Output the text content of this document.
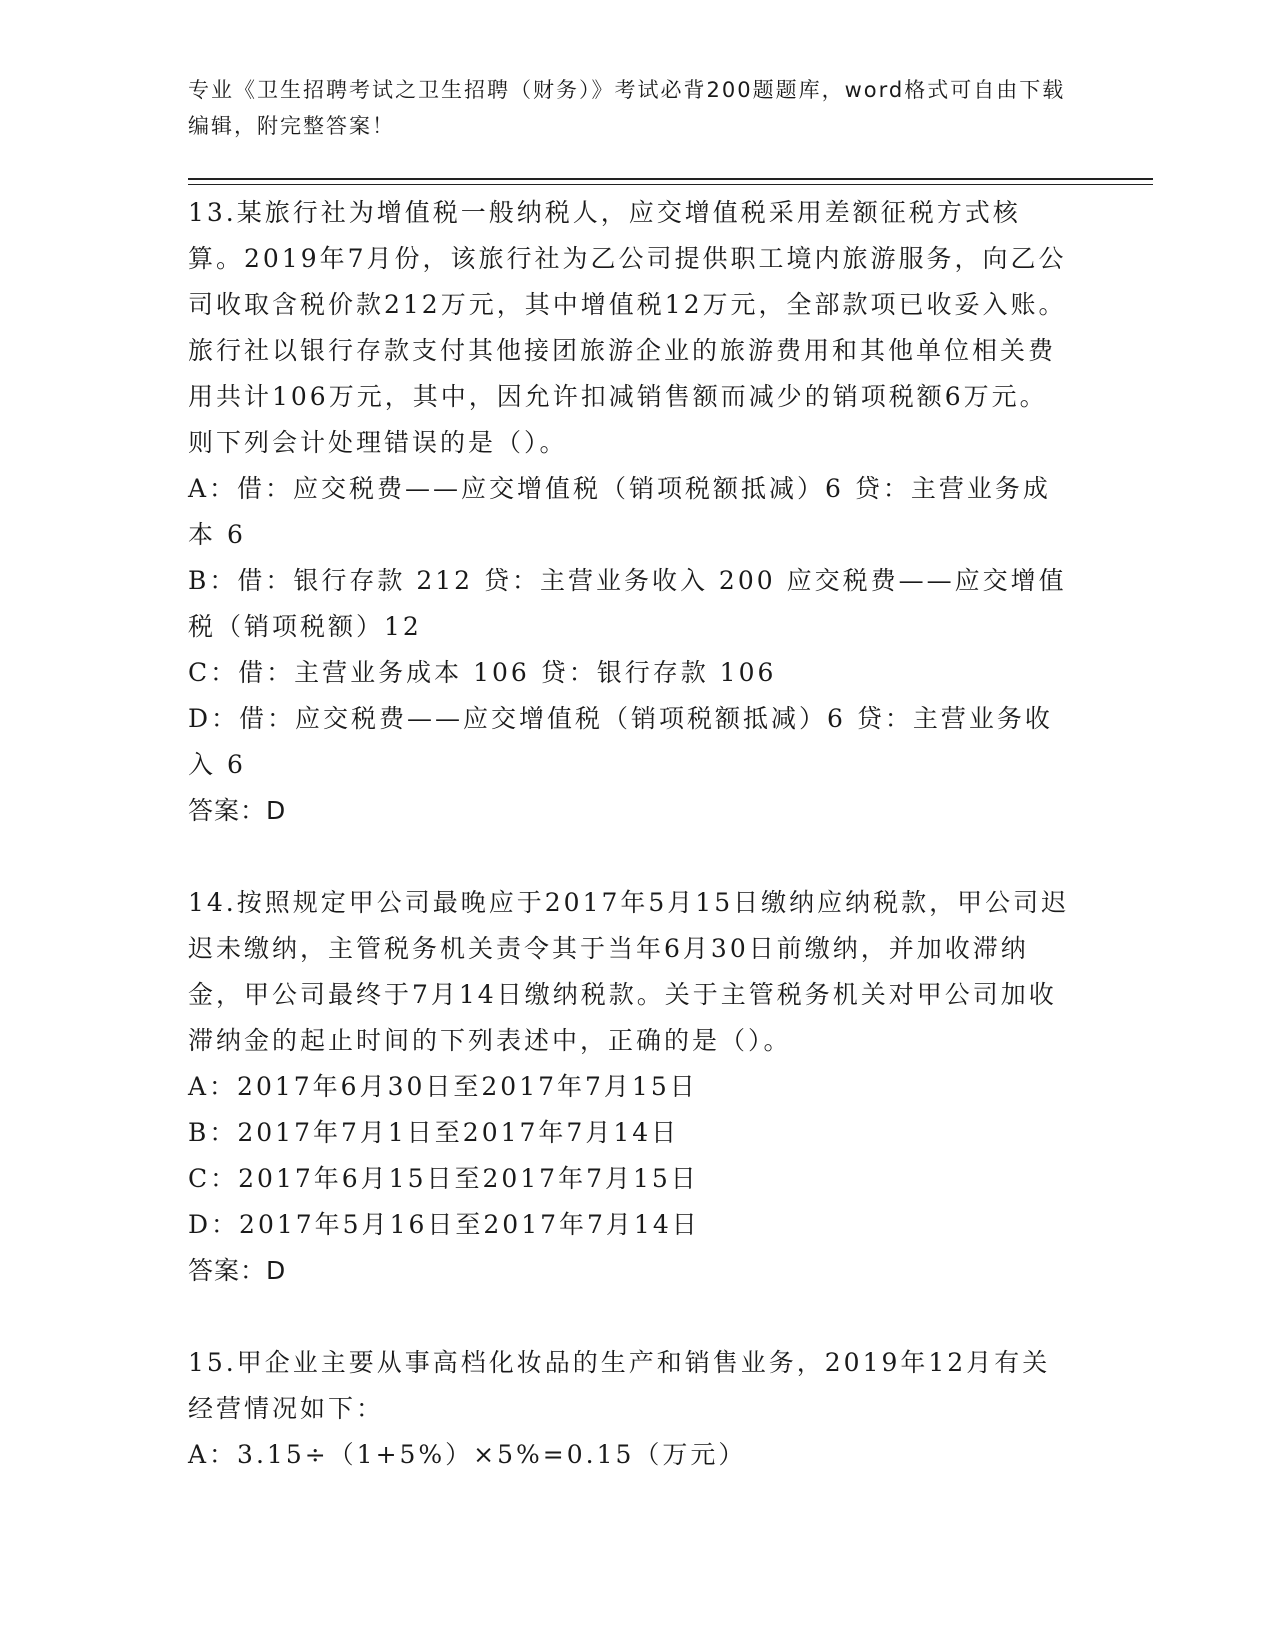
专业《卫生招聘考试之卫生招聘（财务）》考试必背200题题库，word格式可自由下载编辑，附完整答案！

13.某旅行社为增值税一般纳税人，应交增值税采用差额征税方式核算。2019年7月份，该旅行社为乙公司提供职工境内旅游服务，向乙公司收取含税价款212万元，其中增值税12万元，全部款项已收妥入账。旅行社以银行存款支付其他接团旅游企业的旅游费用和其他单位相关费用共计106万元，其中，因允许扣减销售额而减少的销项税额6万元。则下列会计处理错误的是（）。

A：借：应交税费——应交增值税（销项税额抵减）6 贷：主营业务成本 6

B：借：银行存款 212 贷：主营业务收入 200 应交税费——应交增值税（销项税额）12

C：借：主营业务成本 106 贷：银行存款 106

D：借：应交税费——应交增值税（销项税额抵减）6 贷：主营业务收入 6

答案：D

14.按照规定甲公司最晚应于2017年5月15日缴纳应纳税款，甲公司迟迟未缴纳，主管税务机关责令其于当年6月30日前缴纳，并加收滞纳金，甲公司最终于7月14日缴纳税款。关于主管税务机关对甲公司加收滞纳金的起止时间的下列表述中，正确的是（）。

A：2017年6月30日至2017年7月15日

B：2017年7月1日至2017年7月14日

C：2017年6月15日至2017年7月15日

D：2017年5月16日至2017年7月14日

答案：D

15.甲企业主要从事高档化妆品的生产和销售业务，2019年12月有关经营情况如下：

A：3.15÷（1+5%）×5%=0.15（万元）
